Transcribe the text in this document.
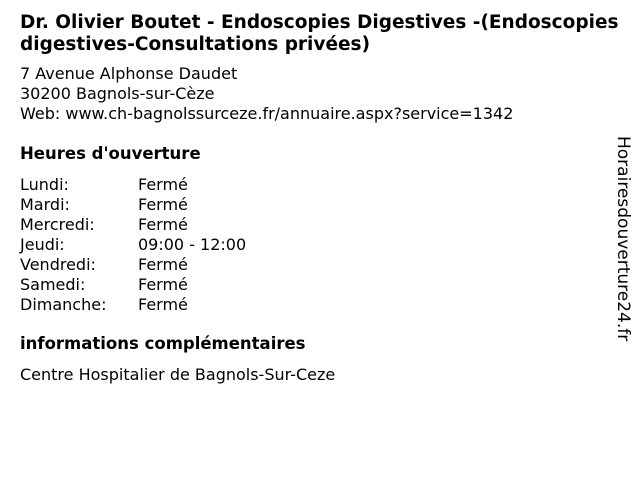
Dr. Olivier Boutet - Endoscopies Digestives -(Endoscopies digestives-Consultations privées)
7 Avenue Alphonse Daudet
30200 Bagnols-sur-Cèze
Web: www.ch-bagnolssurceze.fr/annuaire.aspx?service=1342
Heures d'ouverture
Lundi:	Fermé
Mardi:	Fermé
Mercredi:	Fermé
Jeudi:	09:00 - 12:00
Vendredi:	Fermé
Samedi:	Fermé
Dimanche:	Fermé
informations complémentaires
Centre Hospitalier de Bagnols-Sur-Ceze
Horairesdouverture24.fr
